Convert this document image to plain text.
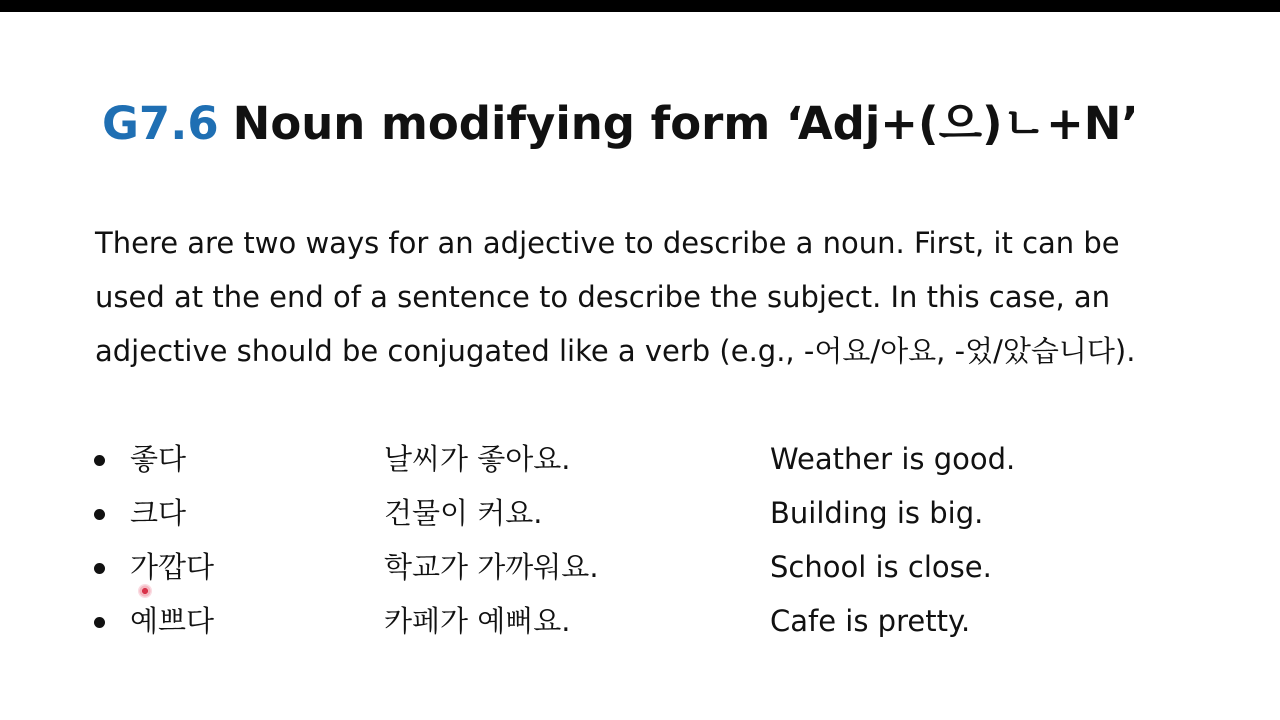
G7.6 Noun modifying form ‘Adj+(으)ㄴ+N’

There are two ways for an adjective to describe a noun. First, it can be
used at the end of a sentence to describe the subject. In this case, an
adjective should be conjugated like a verb (e.g., -어요/아요, -었/았습니다).

좋다	날씨가 좋아요.	Weather is good.
크다	건물이 커요.	Building is big.
가깝다	학교가 가까워요.	School is close.
예쁘다	카페가 예뻐요.	Cafe is pretty.
